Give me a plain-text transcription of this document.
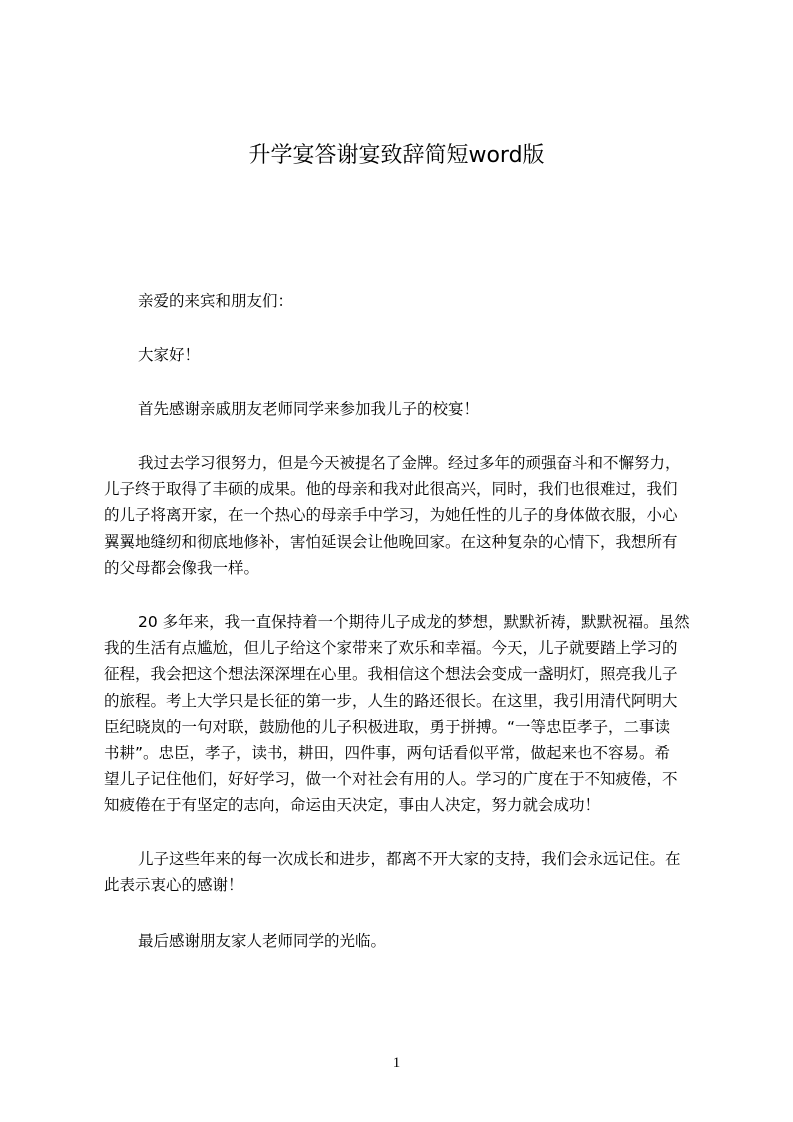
升学宴答谢宴致辞简短word版
亲爱的来宾和朋友们：
大家好！
首先感谢亲戚朋友老师同学来参加我儿子的校宴！
我过去学习很努力，但是今天被提名了金牌。经过多年的顽强奋斗和不懈努力，
儿子终于取得了丰硕的成果。他的母亲和我对此很高兴，同时，我们也很难过，我们
的儿子将离开家，在一个热心的母亲手中学习，为她任性的儿子的身体做衣服，小心
翼翼地缝纫和彻底地修补，害怕延误会让他晚回家。在这种复杂的心情下，我想所有
的父母都会像我一样。
20 多年来，我一直保持着一个期待儿子成龙的梦想，默默祈祷，默默祝福。虽然
我的生活有点尴尬，但儿子给这个家带来了欢乐和幸福。今天，儿子就要踏上学习的
征程，我会把这个想法深深埋在心里。我相信这个想法会变成一盏明灯，照亮我儿子
的旅程。考上大学只是长征的第一步，人生的路还很长。在这里，我引用清代阿明大
臣纪晓岚的一句对联，鼓励他的儿子积极进取，勇于拼搏。“一等忠臣孝子，二事读
书耕”。忠臣，孝子，读书，耕田，四件事，两句话看似平常，做起来也不容易。希
望儿子记住他们，好好学习，做一个对社会有用的人。学习的广度在于不知疲倦，不
知疲倦在于有坚定的志向，命运由天决定，事由人决定，努力就会成功！
儿子这些年来的每一次成长和进步，都离不开大家的支持，我们会永远记住。在
此表示衷心的感谢！
最后感谢朋友家人老师同学的光临。
1
